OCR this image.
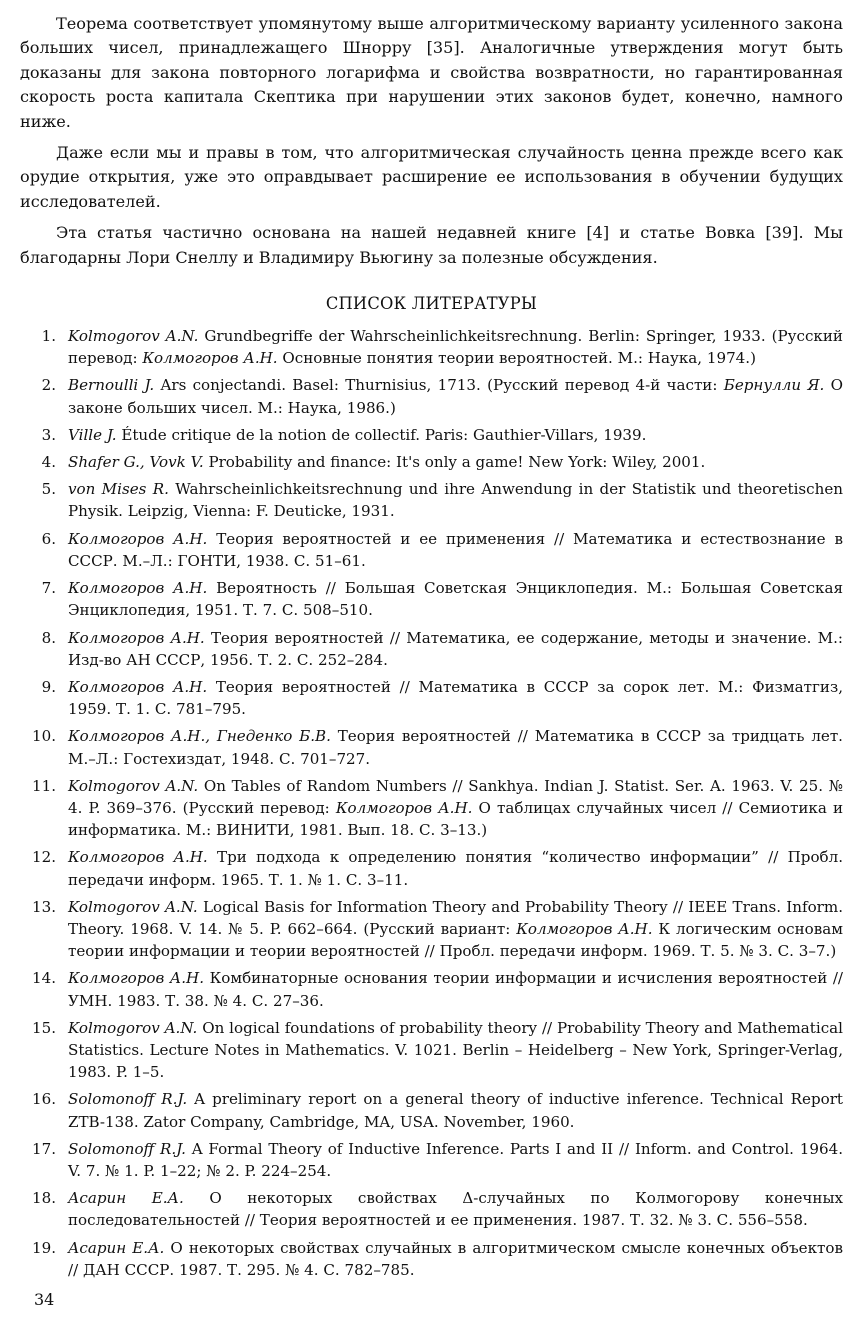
Теорема соответствует упомянутому выше алгоритмическому варианту усиленного закона больших чисел, принадлежащего Шнорру [35]. Аналогичные утверждения могут быть доказаны для закона повторного логарифма и свойства возвратности, но гарантированная скорость роста капитала Скептика при нарушении этих законов будет, конечно, намного ниже.

Даже если мы и правы в том, что алгоритмическая случайность ценна прежде всего как орудие открытия, уже это оправдывает расширение ее использования в обучении будущих исследователей.

Эта статья частично основана на нашей недавней книге [4] и статье Вовка [39]. Мы благодарны Лори Снеллу и Владимиру Вьюгину за полезные обсуждения.

СПИСОК ЛИТЕРАТУРЫ
1. Kolmogorov A.N. Grundbegriffe der Wahrscheinlichkeitsrechnung. Berlin: Springer, 1933. (Русский перевод: Колмогоров А.Н. Основные понятия теории вероятностей. М.: Наука, 1974.)
2. Bernoulli J. Ars conjectandi. Basel: Thurnisius, 1713. (Русский перевод 4-й части: Бернулли Я. О законе больших чисел. М.: Наука, 1986.)
3. Ville J. Étude critique de la notion de collectif. Paris: Gauthier-Villars, 1939.
4. Shafer G., Vovk V. Probability and finance: It's only a game! New York: Wiley, 2001.
5. von Mises R. Wahrscheinlichkeitsrechnung und ihre Anwendung in der Statistik und theoretischen Physik. Leipzig, Vienna: F. Deuticke, 1931.
6. Колмогоров А.Н. Теория вероятностей и ее применения // Математика и естествознание в СССР. М.–Л.: ГОНТИ, 1938. С. 51–61.
7. Колмогоров А.Н. Вероятность // Большая Советская Энциклопедия. М.: Большая Советская Энциклопедия, 1951. Т. 7. С. 508–510.
8. Колмогоров А.Н. Теория вероятностей // Математика, ее содержание, методы и значение. М.: Изд-во АН СССР, 1956. Т. 2. С. 252–284.
9. Колмогоров А.Н. Теория вероятностей // Математика в СССР за сорок лет. М.: Физматгиз, 1959. Т. 1. С. 781–795.
10. Колмогоров А.Н., Гнеденко Б.В. Теория вероятностей // Математика в СССР за тридцать лет. М.–Л.: Гостехиздат, 1948. С. 701–727.
11. Kolmogorov A.N. On Tables of Random Numbers // Sankhya. Indian J. Statist. Ser. A. 1963. V. 25. № 4. P. 369–376. (Русский перевод: Колмогоров А.Н. О таблицах случайных чисел // Семиотика и информатика. М.: ВИНИТИ, 1981. Вып. 18. С. 3–13.)
12. Колмогоров А.Н. Три подхода к определению понятия “количество информации” // Пробл. передачи информ. 1965. Т. 1. № 1. С. 3–11.
13. Kolmogorov A.N. Logical Basis for Information Theory and Probability Theory // IEEE Trans. Inform. Theory. 1968. V. 14. № 5. P. 662–664. (Русский вариант: Колмогоров А.Н. К логическим основам теории информации и теории вероятностей // Пробл. передачи информ. 1969. Т. 5. № 3. С. 3–7.)
14. Колмогоров А.Н. Комбинаторные основания теории информации и исчисления вероятностей // УМН. 1983. Т. 38. № 4. С. 27–36.
15. Kolmogorov A.N. On logical foundations of probability theory // Probability Theory and Mathematical Statistics. Lecture Notes in Mathematics. V. 1021. Berlin – Heidelberg – New York, Springer-Verlag, 1983. P. 1–5.
16. Solomonoff R.J. A preliminary report on a general theory of inductive inference. Technical Report ZTB-138. Zator Company, Cambridge, MA, USA. November, 1960.
17. Solomonoff R.J. A Formal Theory of Inductive Inference. Parts I and II // Inform. and Control. 1964. V. 7. № 1. P. 1–22; № 2. P. 224–254.
18. Асарин Е.А. О некоторых свойствах Δ-случайных по Колмогорову конечных последовательностей // Теория вероятностей и ее применения. 1987. Т. 32. № 3. С. 556–558.
19. Асарин Е.А. О некоторых свойствах случайных в алгоритмическом смысле конечных объектов // ДАН СССР. 1987. Т. 295. № 4. С. 782–785.
34
